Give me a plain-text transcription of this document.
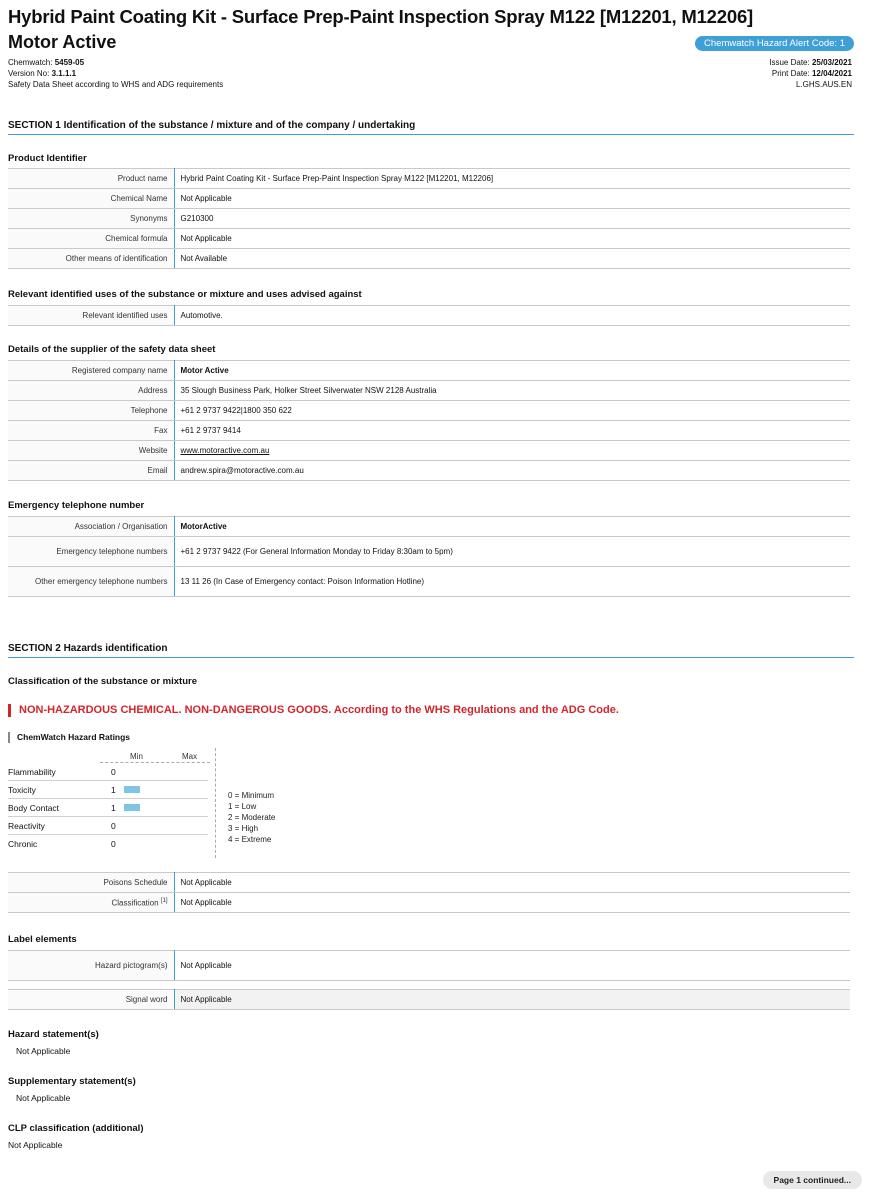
Hybrid Paint Coating Kit - Surface Prep-Paint Inspection Spray M122 [M12201, M12206]
Motor Active	Chemwatch Hazard Alert Code: 1
Chemwatch: 5459-05
Version No: 3.1.1.1
Safety Data Sheet according to WHS and ADG requirements
Issue Date: 25/03/2021
Print Date: 12/04/2021
L.GHS.AUS.EN
SECTION 1 Identification of the substance / mixture and of the company / undertaking
Product Identifier
Product name	Hybrid Paint Coating Kit - Surface Prep-Paint Inspection Spray M122 [M12201, M12206]
Chemical Name	Not Applicable
Synonyms	G210300
Chemical formula	Not Applicable
Other means of identification	Not Available
Relevant identified uses of the substance or mixture and uses advised against
Relevant identified uses	Automotive.
Details of the supplier of the safety data sheet
Registered company name	Motor Active
Address	35 Slough Business Park, Holker Street Silverwater NSW 2128 Australia
Telephone	+61 2 9737 9422|1800 350 622
Fax	+61 2 9737 9414
Website	www.motoractive.com.au
Email	andrew.spira@motoractive.com.au
Emergency telephone number
Association / Organisation	MotorActive
Emergency telephone numbers	+61 2 9737 9422 (For General Information Monday to Friday 8:30am to 5pm)
Other emergency telephone numbers	13 11 26 (In Case of Emergency contact: Poison Information Hotline)
SECTION 2 Hazards identification
Classification of the substance or mixture
NON-HAZARDOUS CHEMICAL. NON-DANGEROUS GOODS. According to the WHS Regulations and the ADG Code.
ChemWatch Hazard Ratings
Min	Max
Flammability	0
Toxicity	1
Body Contact	1
Reactivity	0
Chronic	0
0 = Minimum
1 = Low
2 = Moderate
3 = High
4 = Extreme
Poisons Schedule	Not Applicable
Classification [1]	Not Applicable
Label elements
Hazard pictogram(s)	Not Applicable
Signal word	Not Applicable
Hazard statement(s)
Not Applicable
Supplementary statement(s)
Not Applicable
CLP classification (additional)
Not Applicable
Page 1 continued...
